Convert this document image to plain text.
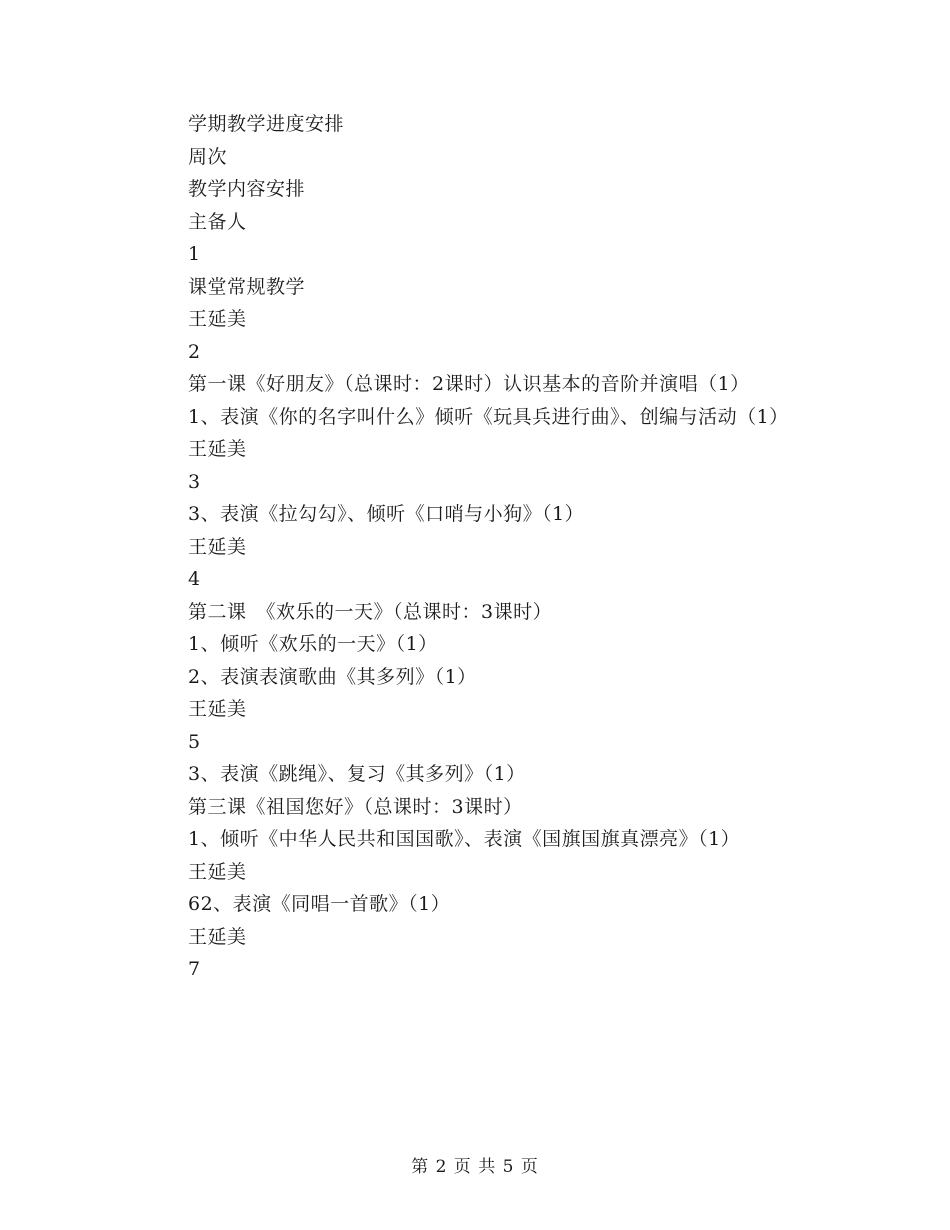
学期教学进度安排

周次

教学内容安排

主备人

1

课堂常规教学

王延美

2

第一课《好朋友》（总课时：2课时）认识基本的音阶并演唱（1）

1、表演《你的名字叫什么》倾听《玩具兵进行曲》、创编与活动（1）

王延美

3

3、表演《拉勾勾》、倾听《口哨与小狗》（1）

王延美

4

第二课　《欢乐的一天》（总课时：3课时）

1、倾听《欢乐的一天》（1）

2、表演表演歌曲《其多列》（1）

王延美

5

3、表演《跳绳》、复习《其多列》（1）

第三课《祖国您好》（总课时：3课时）

1、倾听《中华人民共和国国歌》、表演《国旗国旗真漂亮》（1）

王延美

62、表演《同唱一首歌》（1）

王延美

7

第 2 页 共 5 页
